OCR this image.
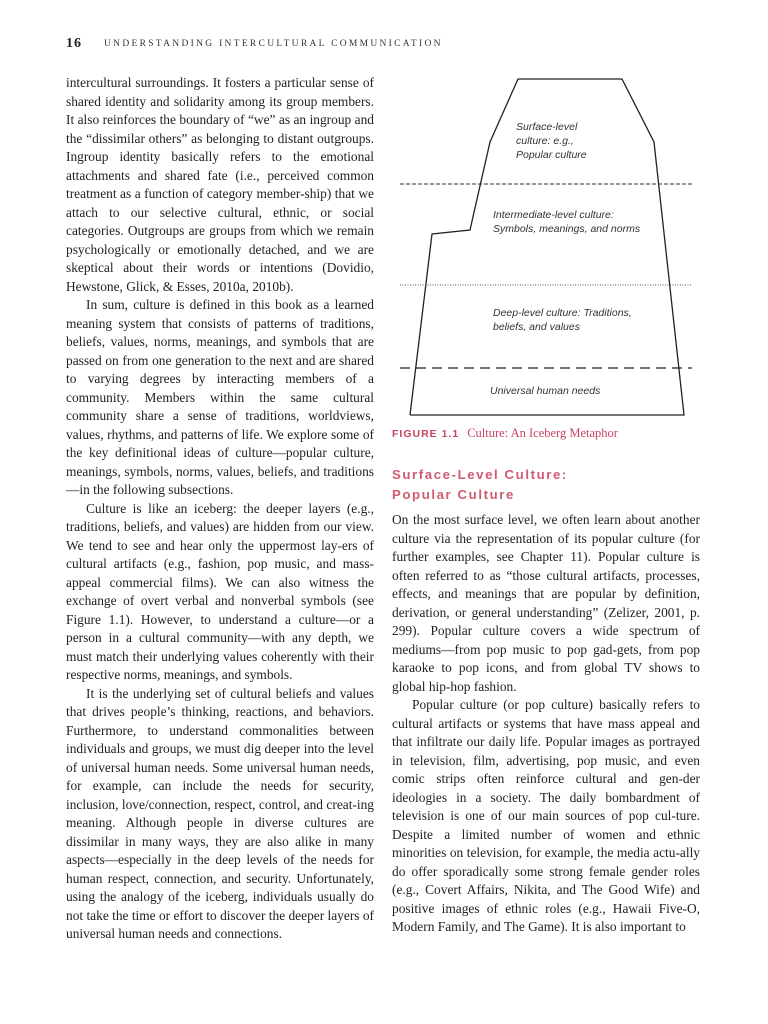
16 UNDERSTANDING INTERCULTURAL COMMUNICATION

intercultural surroundings. It fosters a particular sense of shared identity and solidarity among its group members. It also reinforces the boundary of “we” as an ingroup and the “dissimilar others” as belonging to distant outgroups. Ingroup identity basically refers to the emotional attachments and shared fate (i.e., perceived common treatment as a function of category member-ship) that we attach to our selective cultural, ethnic, or social categories. Outgroups are groups from which we remain psychologically or emotionally detached, and we are skeptical about their words or intentions (Dovidio, Hewstone, Glick, & Esses, 2010a, 2010b).

In sum, culture is defined in this book as a learned meaning system that consists of patterns of traditions, beliefs, values, norms, meanings, and symbols that are passed on from one generation to the next and are shared to varying degrees by interacting members of a community. Members within the same cultural community share a sense of traditions, worldviews, values, rhythms, and patterns of life. We explore some of the key definitional ideas of culture—popular culture, meanings, symbols, norms, values, beliefs, and traditions—in the following subsections.

Culture is like an iceberg: the deeper layers (e.g., traditions, beliefs, and values) are hidden from our view. We tend to see and hear only the uppermost lay-ers of cultural artifacts (e.g., fashion, pop music, and mass-appeal commercial films). We can also witness the exchange of overt verbal and nonverbal symbols (see Figure 1.1). However, to understand a culture—or a person in a cultural community—with any depth, we must match their underlying values coherently with their respective norms, meanings, and symbols.

It is the underlying set of cultural beliefs and values that drives people’s thinking, reactions, and behaviors. Furthermore, to understand commonalities between individuals and groups, we must dig deeper into the level of universal human needs. Some universal human needs, for example, can include the needs for security, inclusion, love/connection, respect, control, and creat-ing meaning. Although people in diverse cultures are dissimilar in many ways, they are also alike in many aspects—especially in the deep levels of the needs for human respect, connection, and security. Unfortunately, using the analogy of the iceberg, individuals usually do not take the time or effort to discover the deeper layers of universal human needs and connections.

Surface-level culture: e.g., Popular culture
Intermediate-level culture: Symbols, meanings, and norms
Deep-level culture: Traditions, beliefs, and values
Universal human needs
FIGURE 1.1 Culture: An Iceberg Metaphor
Surface-Level Culture:
Popular Culture

On the most surface level, we often learn about another culture via the representation of its popular culture (for further examples, see Chapter 11). Popular culture is often referred to as “those cultural artifacts, processes, effects, and meanings that are popular by definition, derivation, or general understanding” (Zelizer, 2001, p. 299). Popular culture covers a wide spectrum of mediums—from pop music to pop gad-gets, from pop karaoke to pop icons, and from global TV shows to global hip-hop fashion.

Popular culture (or pop culture) basically refers to cultural artifacts or systems that have mass appeal and that infiltrate our daily life. Popular images as portrayed in television, film, advertising, pop music, and even comic strips often reinforce cultural and gen-der ideologies in a society. The daily bombardment of television is one of our main sources of pop cul-ture. Despite a limited number of women and ethnic minorities on television, for example, the media actu-ally do offer sporadically some strong female gender roles (e.g., Covert Affairs, Nikita, and The Good Wife) and positive images of ethnic roles (e.g., Hawaii Five-O, Modern Family, and The Game). It is also important to
